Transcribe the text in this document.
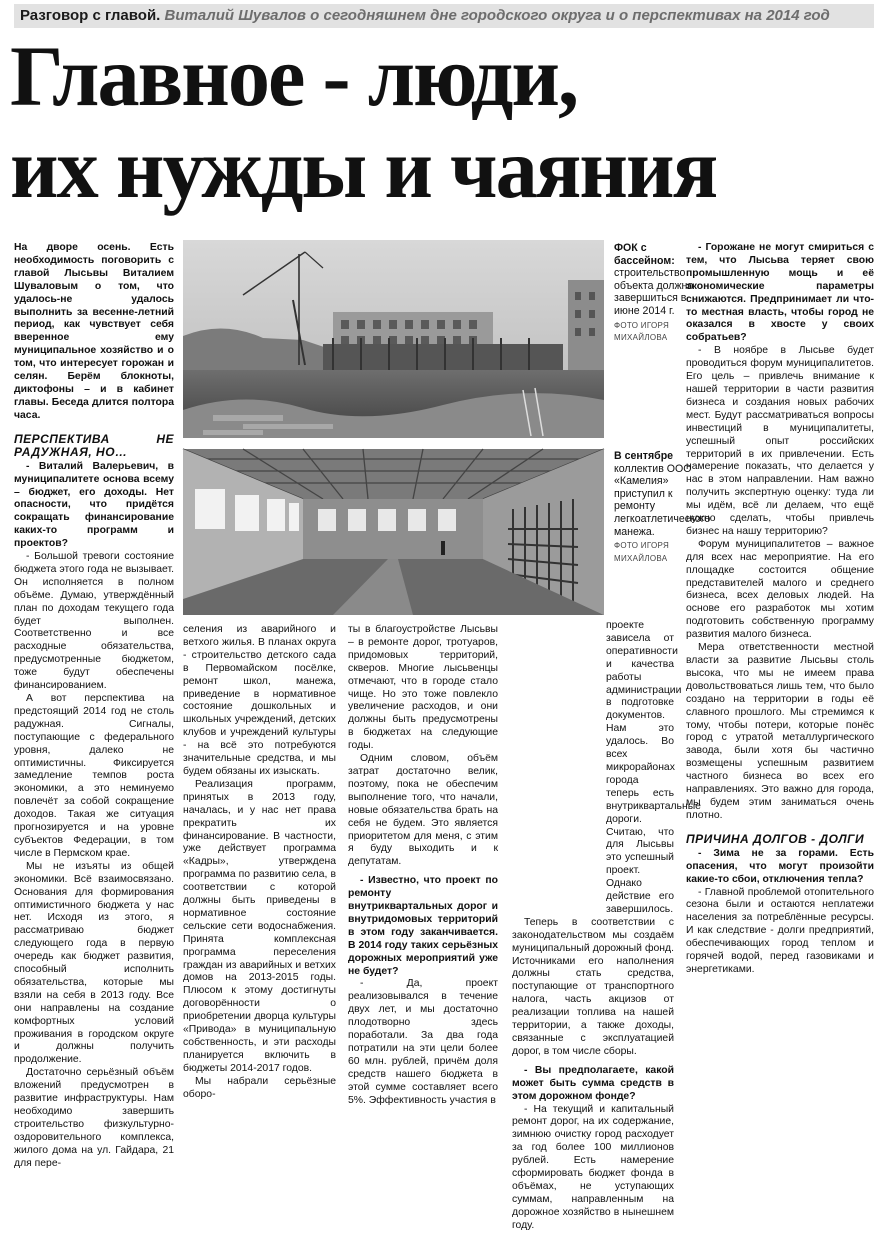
Разговор с главой. Виталий Шувалов о сегодняшнем дне городского округа и о перспективах на 2014 год
Главное - люди,
их нужды и чаяния

На дворе осень. Есть необходимость поговорить с главой Лысьвы Виталием Шуваловым о том, что удалось-не удалось выполнить за весенне-летний период, как чувствует себя вверенное ему муниципальное хозяйство и о том, что интересует горожан и селян. Берём блокноты, диктофоны – и в кабинет главы. Беседа длится полтора часа.

ПЕРСПЕКТИВА НЕ РАДУЖНАЯ, НО…

- Виталий Валерьевич, в муниципалитете основа всему – бюджет, его доходы. Нет опасности, что придётся сокращать финансирование каких-то программ и проектов?

- Большой тревоги состояние бюджета этого года не вызывает. Он исполняется в полном объёме. Думаю, утверждённый план по доходам текущего года будет выполнен. Соответственно и все расходные обязательства, предусмотренные бюджетом, тоже будут обеспечены финансированием.

А вот перспектива на предстоящий 2014 год не столь радужная. Сигналы, поступающие с федерального уровня, далеко не оптимистичны. Фиксируется замедление темпов роста экономики, а это неминуемо повлечёт за собой сокращение доходов. Такая же ситуация прогнозируется и на уровне субъектов Федерации, в том числе в Пермском крае.

Мы не изъяты из общей экономики. Всё взаимосвязано. Основания для формирования оптимистичного бюджета у нас нет. Исходя из этого, я рассматриваю бюджет следующего года в первую очередь как бюджет развития, способный исполнить обязательства, которые мы взяли на себя в 2013 году. Все они направлены на создание комфортных условий проживания в городском округе и должны получить продолжение.

Достаточно серьёзный объём вложений предусмотрен в развитие инфраструктуры. Нам необходимо завершить строительство физкультурно-оздоровительного комплекса, жилого дома на ул. Гайдара, 21 для пере-

ФОК с бассейном:
строительство объекта должно завершиться в июне 2014 г.
ФОТО ИГОРЯ МИХАЙЛОВА
В сентябре
коллектив ООО «Камелия» приступил к ремонту легкоатлетического манежа.
ФОТО ИГОРЯ МИХАЙЛОВА

селения из аварийного и ветхого жилья. В планах округа - строительство детского сада в Первомайском посёлке, ремонт школ, манежа, приведение в нормативное состояние дошкольных и школьных учреждений, детских клубов и учреждений культуры - на всё это потребуются значительные средства, и мы будем обязаны их изыскать.

Реализация программ, принятых в 2013 году, началась, и у нас нет права прекратить их финансирование. В частности, уже действует программа «Кадры», утверждена программа по развитию села, в соответствии с которой должны быть приведены в нормативное состояние сельские сети водоснабжения. Принята комплексная программа переселения граждан из аварийных и ветхих домов на 2013-2015 годы. Плюсом к этому достигнуты договорённости о приобретении дворца культуры «Привода» в муниципальную собственность, и эти расходы планируется включить в бюджеты 2014-2017 годов.

Мы набрали серьёзные оборо-

ты в благоустройстве Лысьвы – в ремонте дорог, тротуаров, придомовых территорий, скверов. Многие лысьвенцы отмечают, что в городе стало чище. Но это тоже повлекло увеличение расходов, и они должны быть предусмотрены в бюджетах на следующие годы.

Одним словом, объём затрат достаточно велик, поэтому, пока не обеспечим выполнение того, что начали, новые обязательства брать на себя не будем. Это является приоритетом для меня, с этим я буду выходить и к депутатам.

- Известно, что проект по ремонту внутриквартальных дорог и внутридомовых территорий в этом году заканчивается. В 2014 году таких серьёзных дорожных мероприятий уже не будет?

- Да, проект реализовывался в течение двух лет, и мы достаточно плодотворно здесь поработали. За два года потратили на эти цели более 60 млн. рублей, причём доля средств нашего бюджета в этой сумме составляет всего 5%. Эффективность участия в

проекте зависела от оперативности и качества работы администрации в подготовке документов. Нам это удалось. Во всех микрорайонах города теперь есть внутриквартальные дороги. Считаю, что для Лысьвы это успешный проект. Однако действие его завершилось.

Теперь в соответствии с законодательством мы создаём муниципальный дорожный фонд. Источниками его наполнения должны стать средства, поступающие от транспортного налога, часть акцизов от реализации топлива на нашей территории, а также доходы, связанные с эксплуатацией дорог, в том числе сборы.

- Вы предполагаете, какой может быть сумма средств в этом дорожном фонде?

- На текущий и капитальный ремонт дорог, на их содержание, зимнюю очистку город расходует за год более 100 миллионов рублей. Есть намерение сформировать бюджет фонда в объёмах, не уступающих суммам, направленным на дорожное хозяйство в нынешнем году.

- Горожане не могут смириться с тем, что Лысьва теряет свою промышленную мощь и её экономические параметры снижаются. Предпринимает ли что-то местная власть, чтобы город не оказался в хвосте у своих собратьев?

- В ноябре в Лысьве будет проводиться форум муниципалитетов. Его цель – привлечь внимание к нашей территории в части развития бизнеса и создания новых рабочих мест. Будут рассматриваться вопросы инвестиций в муниципалитеты, успешный опыт российских территорий в их привлечении. Есть намерение показать, что делается у нас в этом направлении. Нам важно получить экспертную оценку: туда ли мы идём, всё ли делаем, что ещё нужно сделать, чтобы привлечь бизнес на нашу территорию?

Форум муниципалитетов – важное для всех нас мероприятие. На его площадке состоится общение представителей малого и среднего бизнеса, всех деловых людей. На основе его разработок мы хотим подготовить собственную программу развития малого бизнеса.

Мера ответственности местной власти за развитие Лысьвы столь высока, что мы не имеем права довольствоваться лишь тем, что было создано на территории в годы её славного прошлого. Мы стремимся к тому, чтобы потери, которые понёс город с утратой металлургического завода, были хотя бы частично возмещены успешным развитием частного бизнеса во всех его направлениях. Это важно для города, мы будем этим заниматься очень плотно.

ПРИЧИНА ДОЛГОВ - ДОЛГИ

- Зима не за горами. Есть опасения, что могут произойти какие-то сбои, отключения тепла?

- Главной проблемой отопительного сезона были и остаются неплатежи населения за потреблённые ресурсы. И как следствие - долги предприятий, обеспечивающих город теплом и горячей водой, перед газовиками и энергетиками.
